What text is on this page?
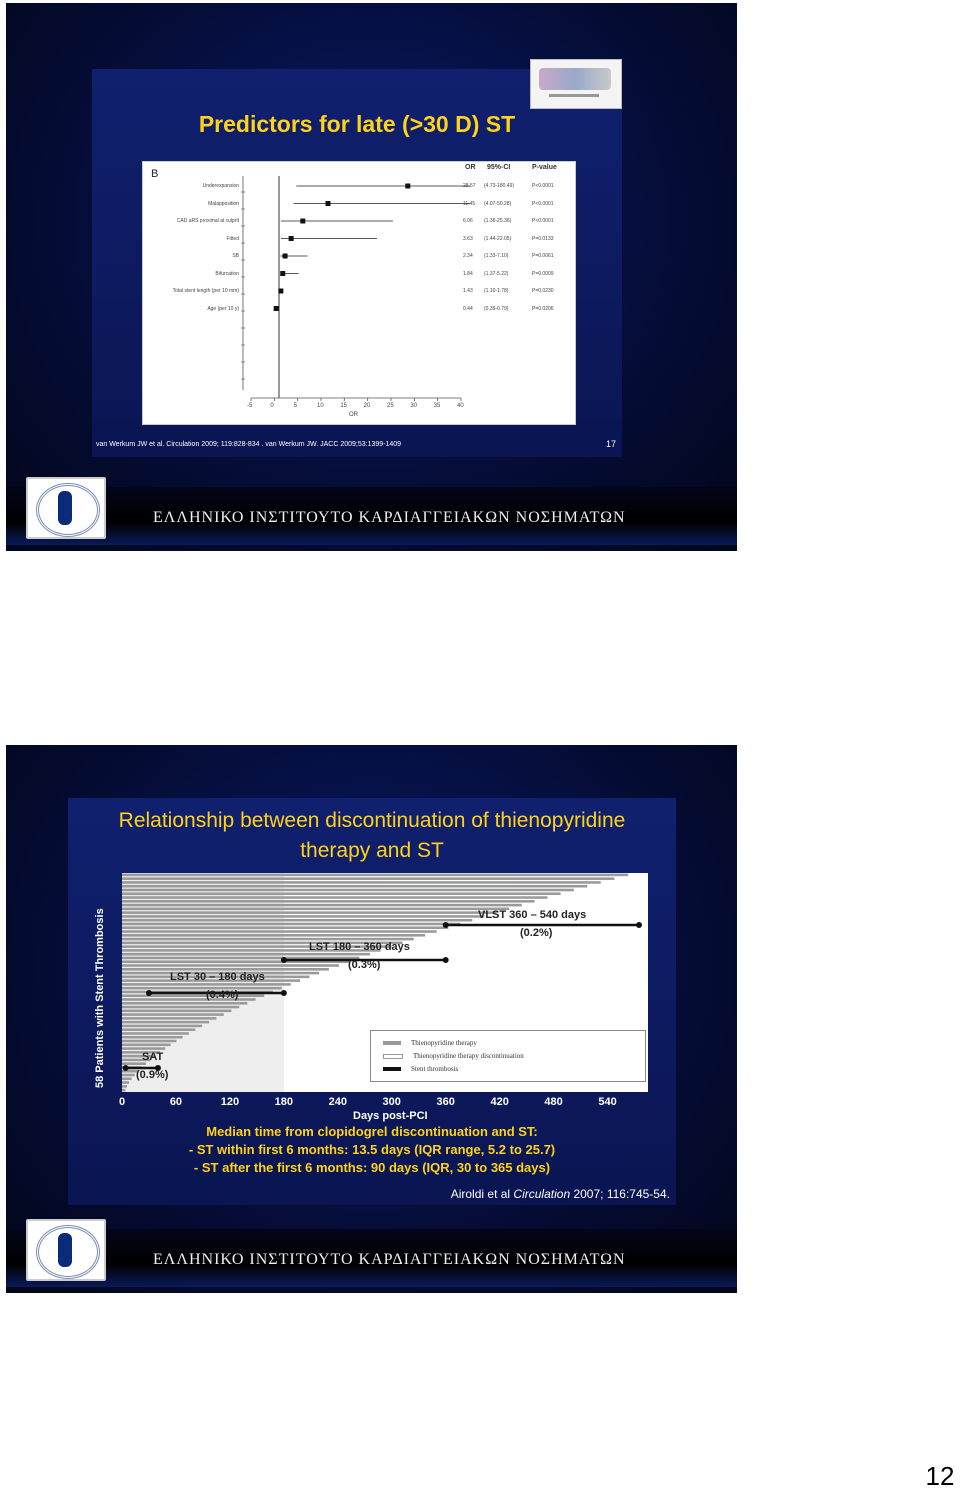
Predictors for late (>30 D) ST
B
OR 95%-CI	P-value
-5	0	5	10	15	20	25	30	35	40
Underexpansion	28.57 (4.73-180.49)	P<0.0001
Malapposition	11.45 (4.07-50.28)	P<0.0001
CAD aRS proximal at culprit	6.06 (1.36-25.36)	P<0.0001
Fitted	3.63 (1.44-22.05)	P=0.0133
SB	2.34 (1.33-7.10)	P=0.0061
Bifurcation	1.84 (1.37-5.22)	P=0.0009
Total stent length (per 10 mm)	1.43 (1.10-1.78)	P=0.0230
Age (per 10 y)	0.44 (0.39-0.79)	P=0.0206
OR
van Werkum JW et al. Circulation 2009; 119:828-834 . van Werkum JW. JACC 2009;53:1399-1409	17
ΕΛΛΗΝΙΚΟ ΙΝΣΤΙΤΟΥΤΟ ΚΑΡΔΙΑΓΓΕΙΑΚΩΝ ΝΟΣΗΜΑΤΩΝ
Relationship between discontinuation of thienopyridine
therapy and ST
58 Patients with Stent Thrombosis	LST 30 – 180 days
(0.4%)
LST 180 – 360 days
(0.3%)
VLST 360 – 540 days
(0.2%)
SAT
(0.9%)
Thienopyridine therapy
Thienopyridine therapy discontinuation
Stent thrombosis
0	60	120	180	240	300	360	420	480	540
Days post-PCI
Median time from clopidogrel discontinuation and ST:
- ST within first 6 months: 13.5 days (IQR range, 5.2 to 25.7)
- ST after the first 6 months: 90 days (IQR, 30 to 365 days)
Airoldi et al Circulation 2007; 116:745-54.
ΕΛΛΗΝΙΚΟ ΙΝΣΤΙΤΟΥΤΟ ΚΑΡΔΙΑΓΓΕΙΑΚΩΝ ΝΟΣΗΜΑΤΩΝ
12
